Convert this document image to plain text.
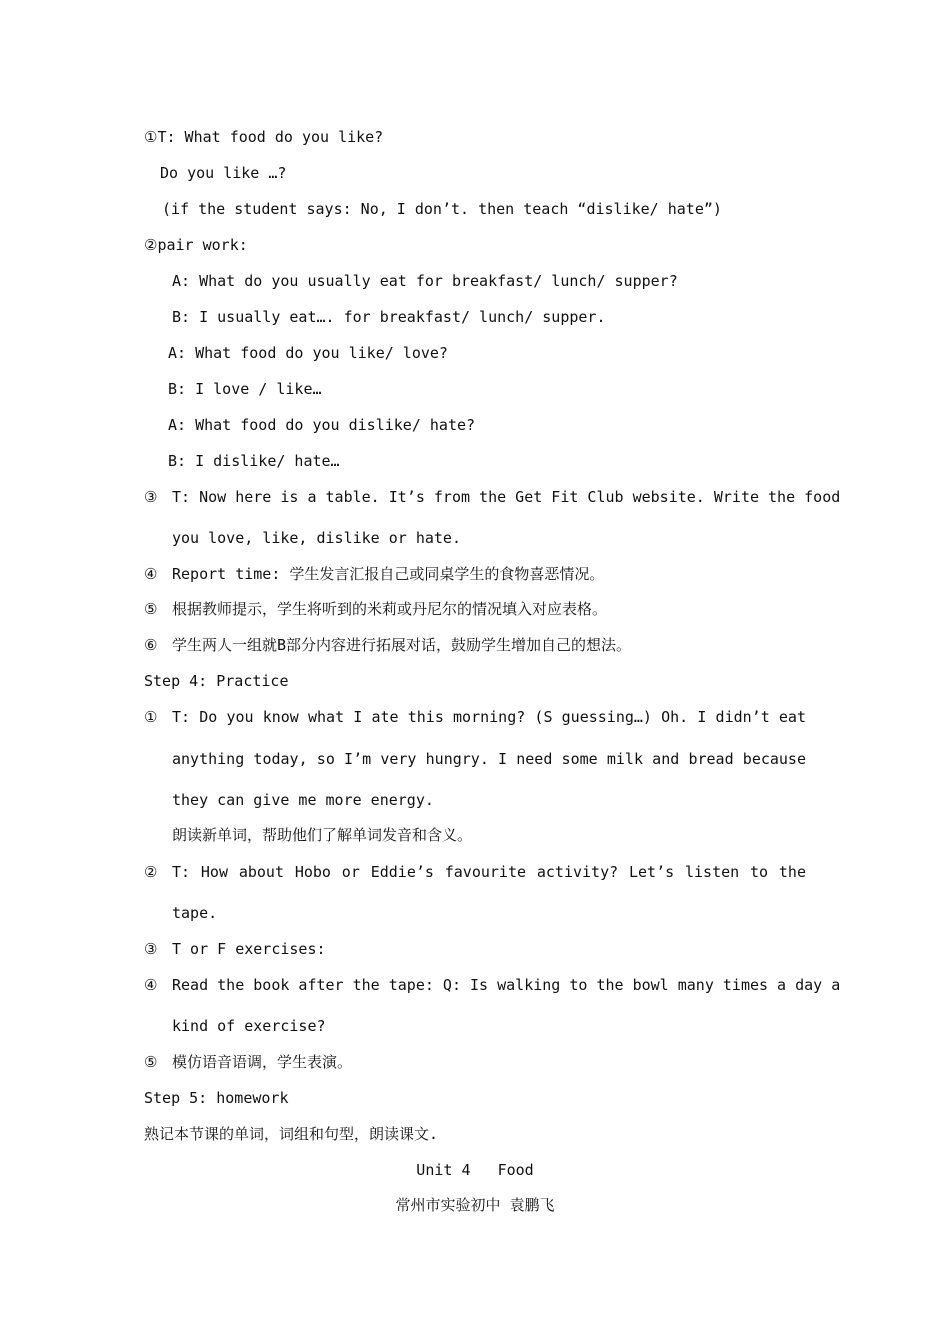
①T: What food do you like?
Do you like …?
(if the student says: No, I don’t. then teach “dislike/ hate”)
②pair work:
A: What do you usually eat for breakfast/ lunch/ supper?
B: I usually eat…. for breakfast/ lunch/ supper.
A: What food do you like/ love?
B: I love / like…
A: What food do you dislike/ hate?
B: I dislike/ hate…
③ T: Now here is a table. It’s from the Get Fit Club website. Write the food
you love, like, dislike or hate.
④ Report time: 学生发言汇报自己或同桌学生的食物喜恶情况。
⑤ 根据教师提示，学生将听到的米莉或丹尼尔的情况填入对应表格。
⑥ 学生两人一组就B部分内容进行拓展对话，鼓励学生增加自己的想法。
Step 4: Practice
① T: Do you know what I ate this morning? (S guessing…) Oh. I didn’t eat
anything today, so I’m very hungry. I need some milk and bread because
they can give me more energy.
朗读新单词，帮助他们了解单词发音和含义。
② T: How about Hobo or Eddie’s favourite activity? Let’s listen to the
tape.
③ T or F exercises:
④ Read the book after the tape: Q: Is walking to the bowl many times a day a
kind of exercise?
⑤ 模仿语音语调，学生表演。
Step 5: homework
熟记本节课的单词，词组和句型，朗读课文.
Unit 4   Food
常州市实验初中 袁鹏飞
